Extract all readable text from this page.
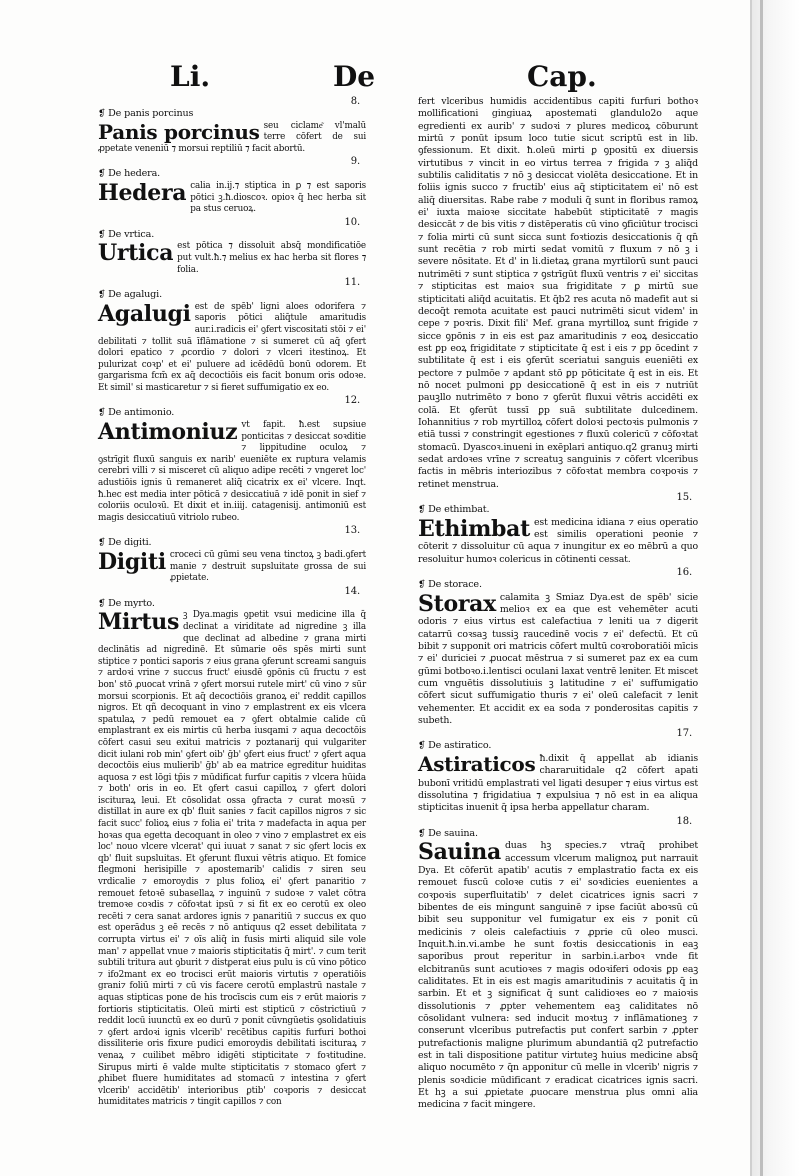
Li.	De	Cap.
8.
❡ De panis porcinus
Panis porcinus seu ciclame͂ vl'malū terre cōfert de sui ꝓpetate veneniū ⁊ morsui reptiliū ⁊ facit abortū.
9.
❡ De hedera.
Hedera calia in.ij.⁊ stiptica in ꝑ ⁊ est saporis pōtici ꝫ.ħ.dioscoꝛ. opioꝛ q̄ hec herba sit pa stus ceruoꝝ.
10.
❡ De vrtica.
Urtica est pōtica ⁊ dissoluit absq̄ mondificatiōe put vult.ħ.⁊ melius ex hac herba sit flores ⁊ folia.
11.
❡ De agalugi.
Agalugi est de spēb' ligni aloes odorifera ⁊ saporis pōtici aliq̄tule amaritudis aur.i.radicis ei' ꝯfert viscositati stōi ⁊ ei' debilitati ⁊ tollit suā īflāmatione ⁊ si sumeret cū aq̄ ꝯfert dolori epatico ⁊ ꝓcordio ⁊ dolori ⁊ vlceri itestinoꝝ. Et pulurizat coꝛp' et ei' puluere ad icēdēdū bonū odorem. Et gargarisma fcm̄ ex aq̄ decoctiōis eis facit bonum oris odoꝛe. Et simil' si masticaretur ⁊ si fieret suffumigatio ex eo.
12.
❡ De antimonio.
Antimoniuz vt fapit. ħ.est supsiue ponticitas ⁊ desiccat soꝛditie ⁊ lippitudine oculoꝝ ⁊ ꝯstrīgit fluxū sanguis ex narib' eueniēte ex ruptura velamis cerebri villi ⁊ si misceret cū aliquo adipe recēti ⁊ vngeret loc' adustiōis ignis ū remaneret aliq̄ cicatrix ex ei' vlcere. Inqt. ħ.hec est media inter pōticā ⁊ desiccatiuā ⁊ idē ponit in sief ⁊ coloriis oculoꝛū. Et dixit et in.iiij. catagenisij. antimoniū est magis desiccatiuū vitriolo rubeo.
13.
❡ De digiti.
Digiti croceci cū gūmi seu vena tinctoꝝ ꝫ badi.ꝯfert manie ⁊ destruit supsluitate grossa de sui ꝓpietate.
14.
❡ De myrto.
Mirtus ꝫ Dya.magis ꝯpetit vsui medicine illa q̄ declinat a viriditate ad nigredine ꝫ illa que declinat ad albedine ⁊ grana mirti declinātis ad nigredinē. Et sūmarie oēs spēs mirti sunt stiptice ⁊ pontici saporis ⁊ eius grana ꝯferunt screami sanguis ⁊ ardoꝛi vrine ⁊ succus fruct' eiusdē ꝯpōnis cū fructu ⁊ est bon' stō ꝓuocat vrinā ⁊ ꝯfert morsui rutele mirt' cū vino ⁊ sūr morsui scorpionis. Et aq̄ decoctiōis granoꝝ ei' reddit capillos nigros. Et qñ decoquant in vino ⁊ emplastrent ex eis vlcera spatulaꝝ ⁊ pedū remouet ea ⁊ ꝯfert obtalmie calide cū emplastrant ex eis mirtis cū herba iusqami ⁊ aqua decoctōis cōfert casui seu exitui matricis ⁊ poztanarij qui vulgariter dicit iulani rob min' ꝯfert oib' ḡb' ꝯfert eius fruct' ⁊ ꝯfert aqua decoctōis eius mulierib' ḡb' ab ea matrice egreditur huiditas aquosa ⁊ est lōgi tp̄is ⁊ mūdificat furfur capitis ⁊ vlcera hūida ⁊ both' oris in eo. Et ꝯfert casui capilloꝝ ⁊ ꝯfert dolori iscituraꝝ leui. Et cōsolidat ossa ꝯfracta ⁊ curat moꝛsū ⁊ distillat in aure ex qb' fluit sanies ⁊ facit capillos nigros ⁊ sic facit succ' folioꝝ eius ⁊ folia ei' trita ⁊ madefacta in aqua per hoꝛas qua egetta decoquant in oleo ⁊ vino ⁊ emplastret ex eis loc' nouo vlcere vlcerat' qui iuuat ⁊ sanat ⁊ sic ꝯfert locis ex qb' fluit supsluitas. Et ꝯferunt fluxui vētris atiquo. Et fomice flegmoni herisipille ⁊ apostemarib' calidis ⁊ siren seu vrdicalie ⁊ emoroydis ⁊ plus folioꝝ ei' ꝯfert panaritio ⁊ remouet fetoꝛē subasellaꝝ ⁊ inguinū ⁊ sudoꝛe ⁊ valet cōtra tremoꝛe coꝛdis ⁊ cōfoꝛtat ipsū ⁊ si fit ex eo cerotū ex oleo recēti ⁊ cera sanat ardores ignis ⁊ panaritiū ⁊ succus ex quo est operādus ꝫ eē recēs ⁊ nō antiquus q2 esset debilitata ⁊ corrupta virtus ei' ⁊ oīs aliq̄ in fusis mirti aliquid sile vole man' ⁊ appellat vnue ⁊ maioris stipticitatis q̄ mirt'. ⁊ cum terit subtili tritura aut ꝯburit ⁊ distꝑerat eius pulu is cū vino pōtico ⁊ ifo2mant ex eo trocisci erūt maioris virtutis ⁊ operatiōis grani⁊ foliū mirti ⁊ cū vis facere cerotū emplastrū nastale ⁊ aquas stipticas pone de his trocīscis cum eis ⁊ erūt maioris ⁊ fortioris stipticitatis. Oleū mirti est stipticū ⁊ cōstrictiuū ⁊ reddit locū iuunctū ex eo durū ⁊ ponit cūvngūetis ꝯsolidatiuis ⁊ ꝯfert ardoꝛi ignis vlcerib' recētibus capitis furfuri bothoi dissiliterie oris fixure pudici emoroydis debilitati iscituraꝝ ⁊ venaꝝ ⁊ cuilibet mēbro idigēti stipticitate ⁊ foꝛtitudine. Sirupus mirti ē valde multe stipticitatis ⁊ stomaco ꝯfert ⁊ ꝓhibet fluere humiditates ad stomacū ⁊ intestina ⁊ ꝯfert vlcerib' accidētib' interioribus ꝑtib' coꝛporis ⁊ desiccat humiditates matricis ⁊ tingit capillos ⁊ con
fert vlceribus humidis accidentibus capiti furfuri bothoꝛ mollificationi gingiuaꝝ apostemati glandulo2o aque egredienti ex aurib' ⁊ sudoꝛi ⁊ plures medicoꝝ cōburunt mirtū ⁊ ponūt ipsum loco tutie sicut scriptū est in lib. ꝯfessionum. Et dixit. ħ.oleū mirti ꝑ ꝯpositū ex diuersis virtutibus ⁊ vincit in eo virtus terrea ⁊ frigida ⁊ ꝫ aliq̄d subtilis caliditatis ⁊ nō ꝫ desiccat violēta desiccatione. Et in foliis ignis succo ⁊ fructib' eius aq̄ stipticitatem ei' nō est aliq̄ diuersitas. Rabe rabe ⁊ moduli q̄ sunt in floribus ramoꝝ ei' iuxta maioꝛe siccitate habebūt stipticitatē ⁊ magis desiccāt ⁊ de bis vitis ⁊ distēperatis cū vino ꝯficiūtur trocisci ⁊ folia mirti cū sunt sicca sunt foꝛtiozis desiccationis q̄ qn̄ sunt recētia ⁊ rob mirti sedat vomitū ⁊ fluxum ⁊ nō ꝫ i severe nōsitate. Et d' in li.dietaꝝ grana myrtilorū sunt pauci nutrimēti ⁊ sunt stiptica ⁊ ꝯstrīgūt fluxū ventris ⁊ ei' siccitas ⁊ stipticitas est maioꝛ sua frigiditate ⁊ ꝑ mirtū sue stipticitati aliq̄d acuitatis. Et q̄b2 res acuta nō madefit aut si decoq̄t remota acuitate est pauci nutrimēti sicut videm' in cepe ⁊ poꝛris. Dixit fili' Mef. grana myrtilloꝝ sunt frigide ⁊ sicce ꝯpōnis ⁊ in eis est ꝑaz amaritudinis ⁊ eoꝝ desiccatio est ꝑp eoꝝ frigiditate ⁊ stipticitate q̄ est i eis ⁊ ꝑp ōcedint ⁊ subtilitate q̄ est i eis ꝯferūt sceriatui sanguis eueniēti ex pectore ⁊ pulmōe ⁊ apdant stō ꝑp pōticitate q̄ est in eis. Et nō nocet pulmoni ꝑp desiccationē q̄ est in eis ⁊ nutriūt pauꝫllo nutrimēto ⁊ bono ⁊ ꝯferūt fluxui vētris accidēti ex colā. Et ꝯferūt tussī ꝑp suā subtilitate dulcedinem. Iohannitius ⁊ rob myrtilloꝝ cōfert doloꝛi pectoꝛis pulmonis ⁊ etiā tussi ⁊ constringit egestiones ⁊ fluxū colericū ⁊ cōfoꝛtat stomacū. Dyascoꝛ.inueni in exēplari antiquo.q2 granuꝫ mirti sedat ardoꝛes vrīne ⁊ screatuꝫ sanguinis ⁊ cōfert vlceribus factis in mēbris interiozibus ⁊ cōfoꝛtat membra coꝛpoꝛis ⁊ retinet menstrua.
15.
❡ De ethimbat.
Ethimbat est medicina idiana ⁊ eius operatio est similis operationi peonie ⁊ cōterit ⁊ dissoluitur cū aqua ⁊ inungitur ex eo mēbrū a quo resoluitur humoꝛ colericus in cōtinenti cessat.
16.
❡ De storace.
Storax calamita ꝫ Smiaz Dya.est de spēb' sicie melioꝛ ex ea que est vehemēter acuti odoris ⁊ eius virtus est calefactiua ⁊ leniti ua ⁊ digerit catarrū coꝛsaꝫ tussiꝫ raucedinē vocis ⁊ ei' defectū. Et cū bibit ⁊ supponit ori matricis cōfert multū coꝛroboratiōi mīcis ⁊ ei' duriciei ⁊ ꝓuocat mēstrua ⁊ si sumeret paz ex ea cum gūmi botboꝛo.i.lentisci oculani laxat ventrē leniter. Et miscet cum vnguētis dissolutiuis ꝫ latitudine ⁊ ei' suffumigatio cōfert sicut suffumigatio thuris ⁊ ei' oleū calefacit ⁊ lenit vehementer. Et accidit ex ea soda ⁊ ponderositas capitis ⁊ subeth.
17.
❡ De astiratico.
Astiraticos ħ.dixit q̄ appellat ab idianis chararuitidale q2 cōfert apati bubonī vritidū emplastrati vel ligati desuper ⁊ eius virtus est dissolutina ⁊ frigidatiua ⁊ expulsiua ⁊ nō est in ea aliqua stipticitas inuenit q̄ ipsa herba appellatur charam.
18.
❡ De sauina.
Sauina duas hꝫ species.⁊ vtraq̄ prohibet accessum vlcerum malignoꝝ put narrauit Dya. Et cōferūt apatib' acutis ⁊ emplastratio facta ex eis remouet fuscū coloꝛe cutis ⁊ ei' soꝛdicies euenientes a coꝛpoꝛis superfluitatib' ⁊ delet cicatrices ignis sacri ⁊ bibentes de eis mingunt sanguinē ⁊ ipse faciūt aboꝛsū cū bibit seu supponitur vel fumigatur ex eis ⁊ ponit cū medicinis ⁊ oleis calefactiuis ⁊ ꝓprie cū oleo musci. Inquit.ħ.in.vi.ambe he sunt foꝛtis desiccationis in eaꝫ saporibus prout reperitur in sarbin.i.arboꝛ vnde fit elcbitranūs sunt acutioꝛes ⁊ magis odoꝛiferi odoꝛis ꝑp eaꝫ caliditates. Et in eis est magis amaritudinis ⁊ acuitatis q̄ in sarbin. Et et ꝫ significat q̄ sunt calidioꝛes eo ⁊ maioꝛis dissolutionis ⁊ ꝓpter vehementem eaꝫ caliditates nō cōsolidant vulnera: sed inducit moꝛtuꝫ ⁊ inflāmationeꝫ ⁊ conserunt vlceribus putrefactis put confert sarbin ⁊ ꝓpter putrefactionis maligne plurimum abundantiā q2 putrefactio est in tali dispositione patitur virtuteꝫ huius medicine absq̄ aliquo nocumēto ⁊ q̄n apponitur cū melle in vlcerib' nigris ⁊ plenis soꝛdicie mūdificant ⁊ eradicat cicatrices ignis sacri. Et hꝫ a sui ꝓpietate ꝓuocare menstrua plus omni alia medicina ⁊ facit mingere.
